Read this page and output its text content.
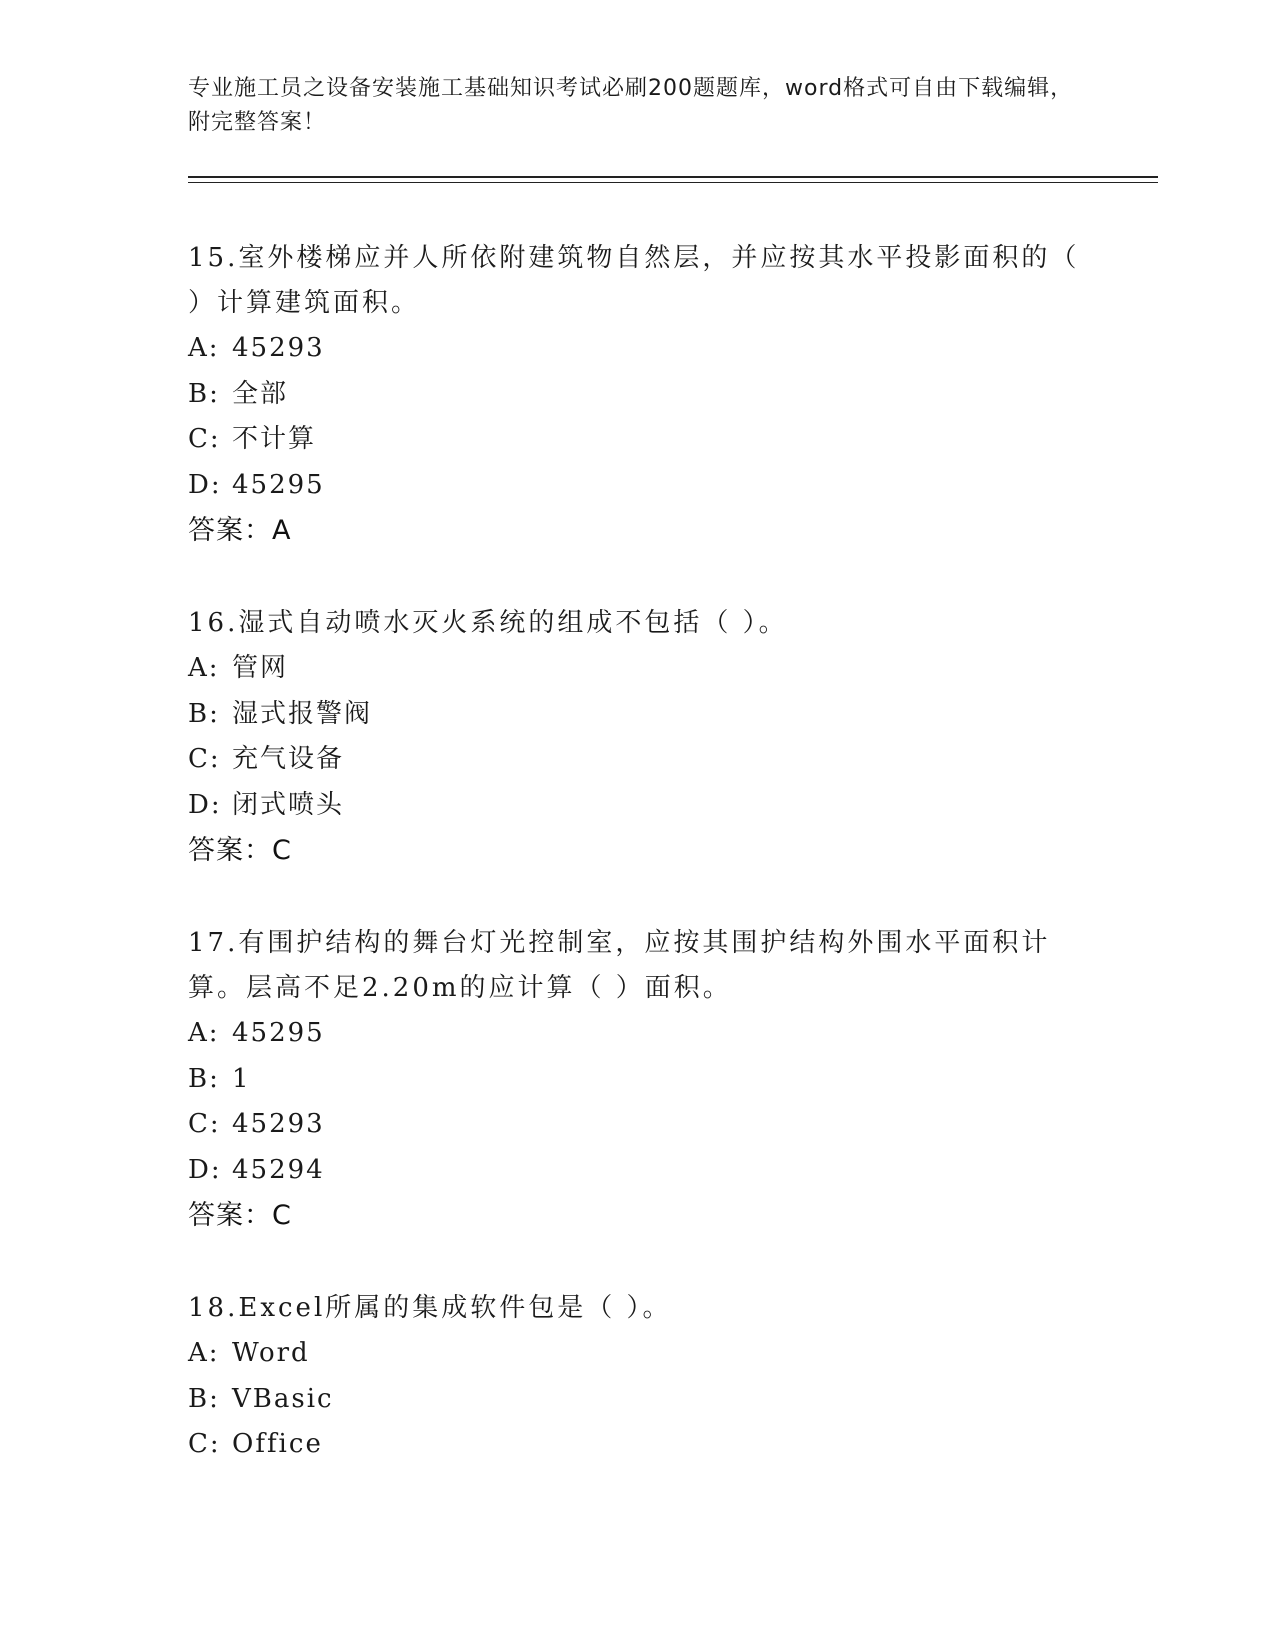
专业施工员之设备安装施工基础知识考试必刷200题题库，word格式可自由下载编辑，附完整答案！
15.室外楼梯应并人所依附建筑物自然层，并应按其水平投影面积的（ ）计算建筑面积。
A: 45293
B: 全部
C: 不计算
D: 45295
答案：A
16.湿式自动喷水灭火系统的组成不包括（ ）。
A: 管网
B: 湿式报警阀
C: 充气设备
D: 闭式喷头
答案：C
17.有围护结构的舞台灯光控制室，应按其围护结构外围水平面积计算。层高不足2.20m的应计算（ ）面积。
A: 45295
B: 1
C: 45293
D: 45294
答案：C
18.Excel所属的集成软件包是（ ）。
A: Word
B: VBasic
C: Office
